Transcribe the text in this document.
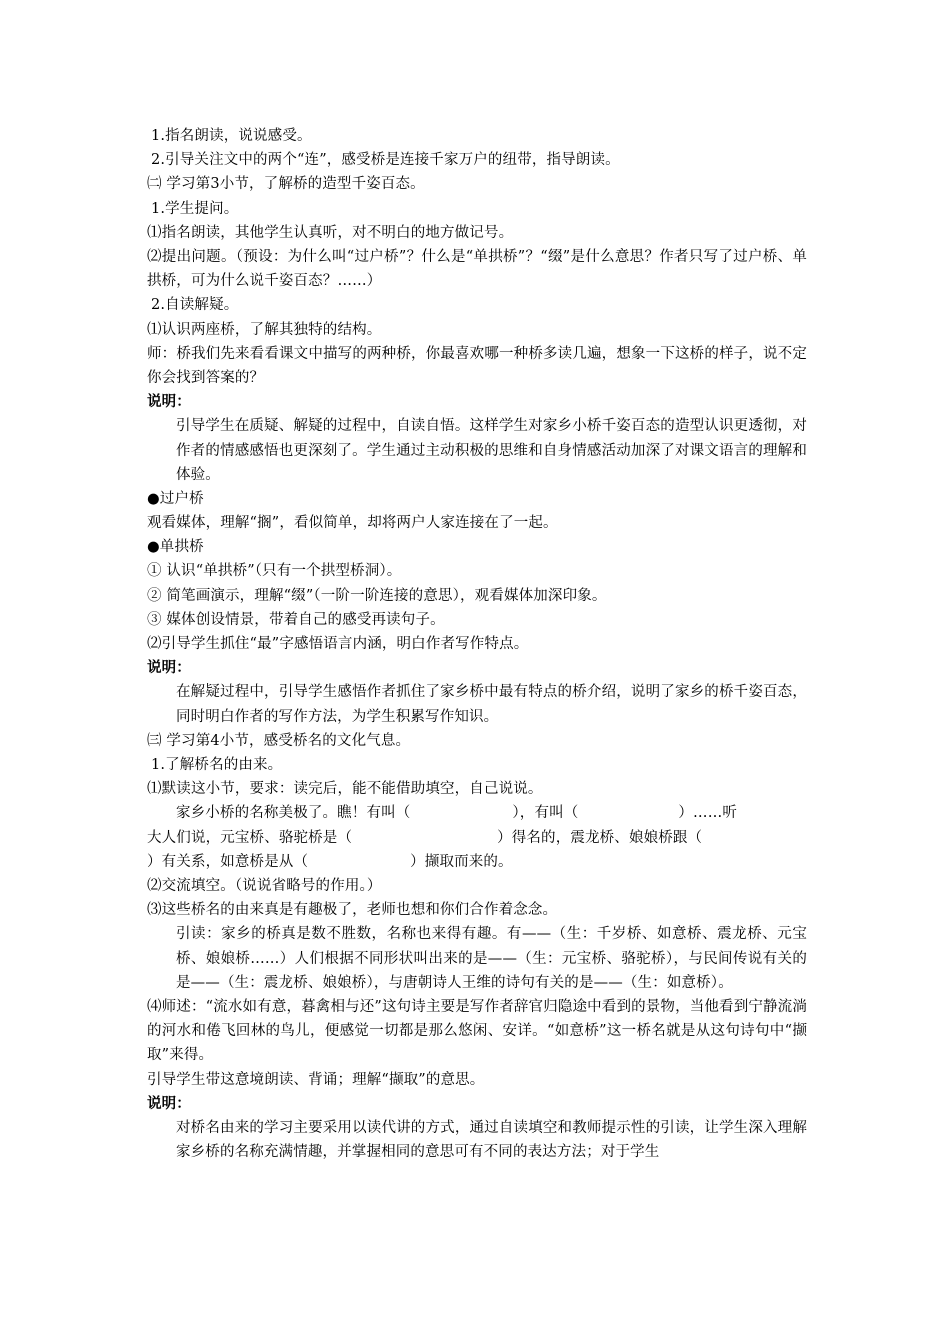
1.指名朗读，说说感受。
2.引导关注文中的两个“连”，感受桥是连接千家万户的纽带，指导朗读。
㈡ 学习第3小节，了解桥的造型千姿百态。
1.学生提问。
⑴指名朗读，其他学生认真听，对不明白的地方做记号。
⑵提出问题。（预设：为什么叫“过户桥”？什么是“单拱桥”？“缀”是什么意思？作者只写了过户桥、单拱桥，可为什么说千姿百态？……）
2.自读解疑。
⑴认识两座桥，了解其独特的结构。
师：桥我们先来看看课文中描写的两种桥，你最喜欢哪一种桥多读几遍，想象一下这桥的样子，说不定你会找到答案的？
说明：
引导学生在质疑、解疑的过程中，自读自悟。这样学生对家乡小桥千姿百态的造型认识更透彻，对作者的情感感悟也更深刻了。学生通过主动积极的思维和自身情感活动加深了对课文语言的理解和体验。
●过户桥
观看媒体，理解“搁”，看似简单，却将两户人家连接在了一起。
●单拱桥
① 认识“单拱桥”（只有一个拱型桥洞）。
② 简笔画演示，理解“缀”（一阶一阶连接的意思），观看媒体加深印象。
③ 媒体创设情景，带着自己的感受再读句子。
⑵引导学生抓住“最”字感悟语言内涵，明白作者写作特点。
说明：
在解疑过程中，引导学生感悟作者抓住了家乡桥中最有特点的桥介绍，说明了家乡的桥千姿百态，同时明白作者的写作方法，为学生积累写作知识。
㈢ 学习第4小节，感受桥名的文化气息。
1.了解桥名的由来。
⑴默读这小节，要求：读完后，能不能借助填空，自己说说。
家乡小桥的名称美极了。瞧！有叫（	），有叫（	）……听
大人们说，元宝桥、骆驼桥是（	）得名的，震龙桥、娘娘桥跟（
）有关系，如意桥是从（	）撷取而来的。
⑵交流填空。（说说省略号的作用。）
⑶这些桥名的由来真是有趣极了，老师也想和你们合作着念念。
引读：家乡的桥真是数不胜数，名称也来得有趣。有——（生：千岁桥、如意桥、震龙桥、元宝桥、娘娘桥……）人们根据不同形状叫出来的是——（生：元宝桥、骆驼桥），与民间传说有关的是——（生：震龙桥、娘娘桥），与唐朝诗人王维的诗句有关的是——（生：如意桥）。
⑷师述：“流水如有意，暮禽相与还”这句诗主要是写作者辞官归隐途中看到的景物，当他看到宁静流淌的河水和倦飞回林的鸟儿，便感觉一切都是那么悠闲、安详。“如意桥”这一桥名就是从这句诗句中“撷取”来得。
引导学生带这意境朗读、背诵；理解“撷取”的意思。
说明：
对桥名由来的学习主要采用以读代讲的方式，通过自读填空和教师提示性的引读，让学生深入理解家乡桥的名称充满情趣，并掌握相同的意思可有不同的表达方法；对于学生
